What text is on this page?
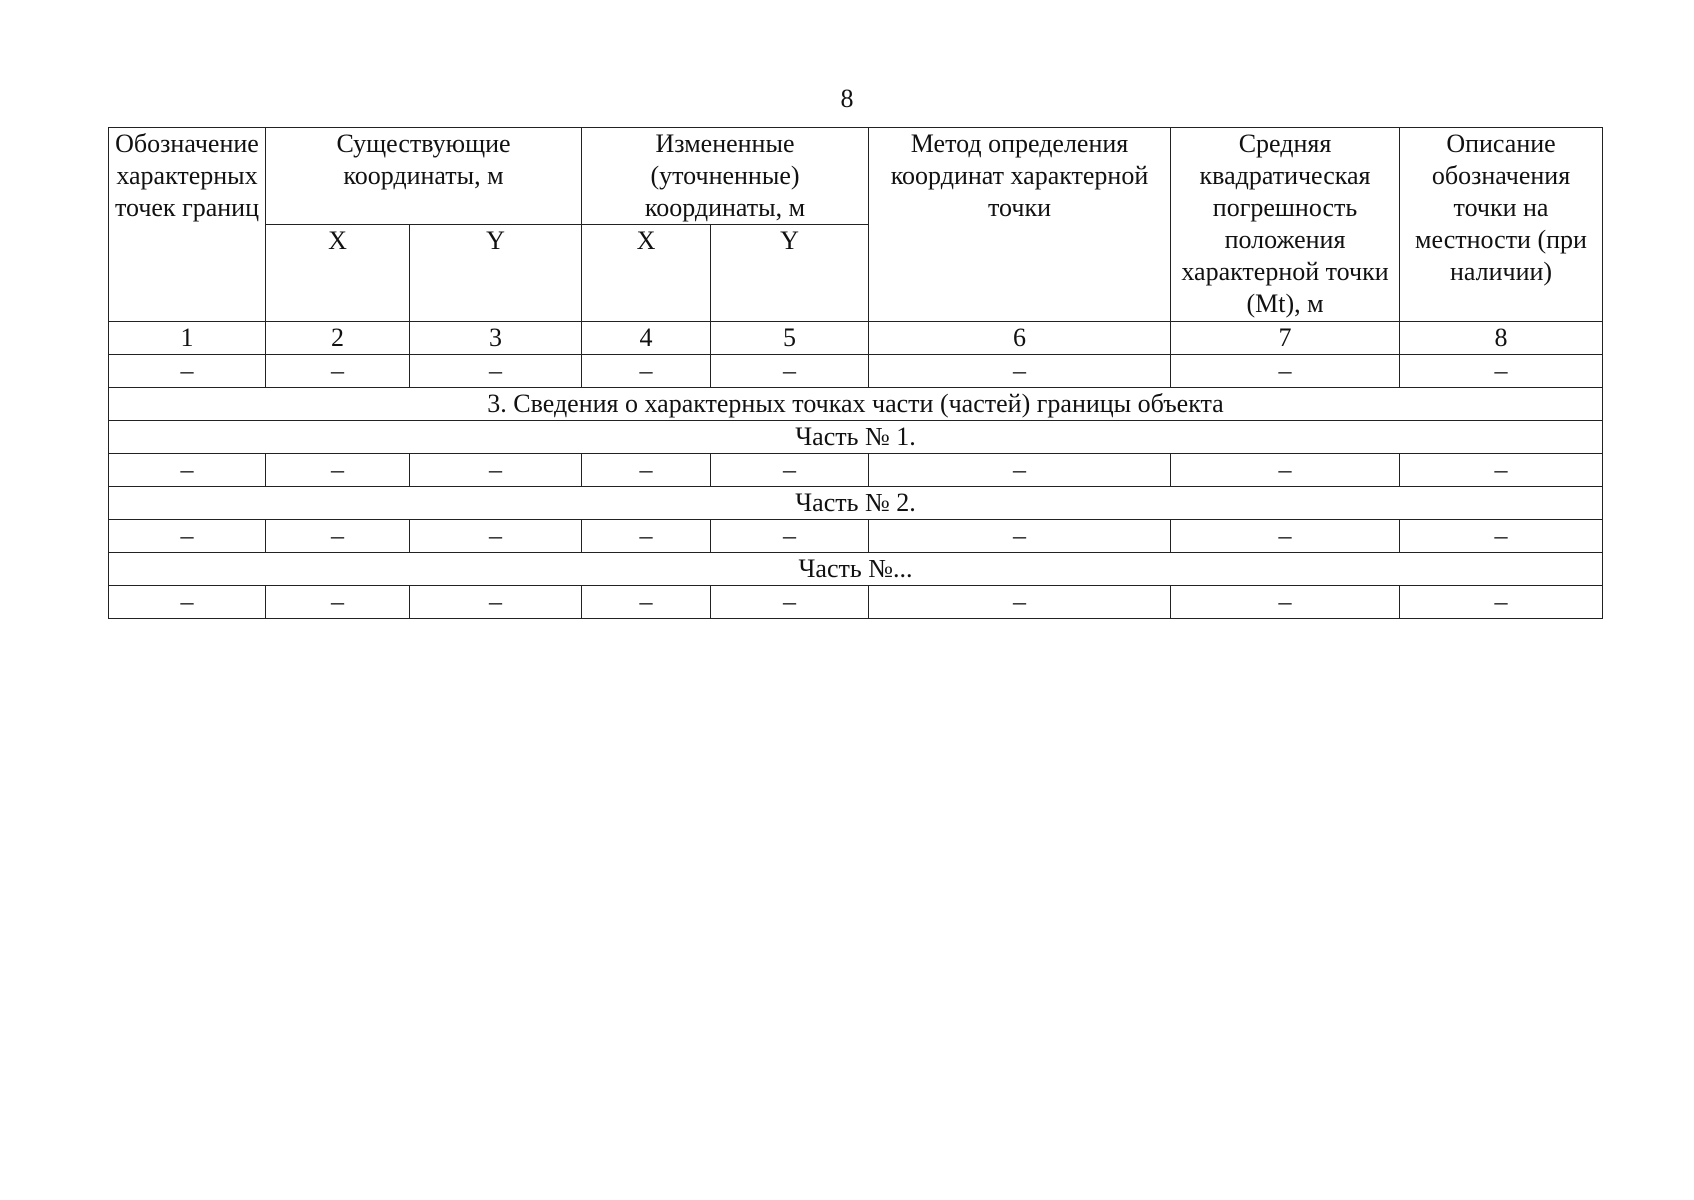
8
Обозначение характерных точек границ	Существующие координаты, м		Измененные (уточненные) координаты, м		Метод определения координат характерной точки	Средняя квадратическая погрешность положения характерной точки (Mt), м	Описание обозначения точки на местности (при наличии)
	X	Y	X	Y			
1	2	3	4	5	6	7	8
–	–	–	–	–	–	–	–
3. Сведения о характерных точках части (частей) границы объекта							
Часть № 1.							
–	–	–	–	–	–	–	–
Часть № 2.							
–	–	–	–	–	–	–	–
Часть №...							
–	–	–	–	–	–	–	–
